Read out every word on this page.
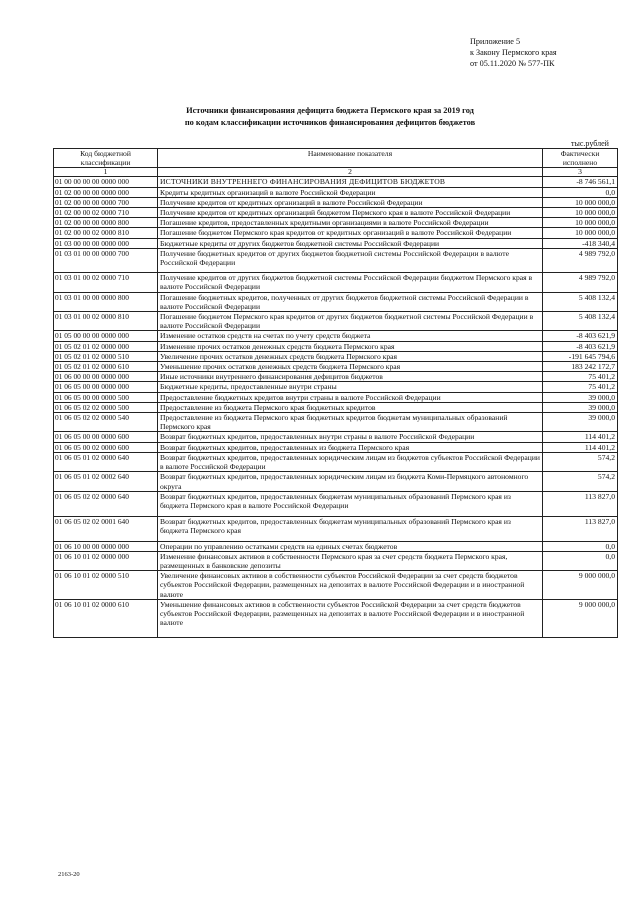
Приложение 5
к Закону Пермского края
от 05.11.2020 № 577-ПК
Источники финансирования дефицита бюджета Пермского края за 2019 год
по кодам классификации источников финансирования дефицитов бюджетов
тыс.рублей
Код бюджетной классификации	Наименование показателя	Фактически исполнено
1	2	3
01 00 00 00 00 0000 000	ИСТОЧНИКИ ВНУТРЕННЕГО ФИНАНСИРОВАНИЯ ДЕФИЦИТОВ БЮДЖЕТОВ	-8 746 561,1
01 02 00 00 00 0000 000	Кредиты кредитных организаций в валюте Российской Федерации	0,0
01 02 00 00 00 0000 700	Получение кредитов от кредитных организаций в валюте Российской Федерации	10 000 000,0
01 02 00 00 02 0000 710	Получение кредитов от кредитных организаций бюджетом Пермского края в валюте Российской Федерации	10 000 000,0
01 02 00 00 00 0000 800	Погашение кредитов, предоставленных кредитными организациями в валюте Российской Федерации	10 000 000,0
01 02 00 00 02 0000 810	Погашение бюджетом Пермского края кредитов от кредитных организаций в валюте Российской Федерации	10 000 000,0
01 03 00 00 00 0000 000	Бюджетные кредиты от других бюджетов бюджетной системы Российской Федерации	-418 340,4
01 03 01 00 00 0000 700	Получение бюджетных кредитов от других бюджетов бюджетной системы Российской Федерации в валюте Российской Федерации	4 989 792,0
01 03 01 00 02 0000 710	Получение кредитов от других бюджетов бюджетной системы Российской Федерации бюджетом Пермского края в валюте Российской Федерации	4 989 792,0
01 03 01 00 00 0000 800	Погашение бюджетных кредитов, полученных от других бюджетов бюджетной системы Российской Федерации в валюте Российской Федерации	5 408 132,4
01 03 01 00 02 0000 810	Погашение бюджетом Пермского края кредитов от других бюджетов бюджетной системы Российской Федерации в валюте Российской Федерации	5 408 132,4
01 05 00 00 00 0000 000	Изменение остатков средств на счетах по учету средств бюджета	-8 403 621,9
01 05 02 01 02 0000 000	Изменение прочих остатков денежных средств бюджета Пермского края	-8 403 621,9
01 05 02 01 02 0000 510	Увеличение прочих остатков денежных средств бюджета Пермского края	-191 645 794,6
01 05 02 01 02 0000 610	Уменьшение прочих остатков денежных средств бюджета Пермского края	183 242 172,7
01 06 00 00 00 0000 000	Иные источники внутреннего финансирования дефицитов бюджетов	75 401,2
01 06 05 00 00 0000 000	Бюджетные кредиты, предоставленные внутри страны	75 401,2
01 06 05 00 00 0000 500	Предоставление бюджетных кредитов внутри страны в валюте Российской Федерации	39 000,0
01 06 05 02 02 0000 500	Предоставление из бюджета Пермского края бюджетных кредитов	39 000,0
01 06 05 02 02 0000 540	Предоставление из бюджета Пермского края бюджетных кредитов бюджетам муниципальных образований Пермского края	39 000,0
01 06 05 00 00 0000 600	Возврат бюджетных кредитов, предоставленных внутри страны в валюте Российской Федерации	114 401,2
01 06 05 00 02 0000 600	Возврат бюджетных кредитов, предоставленных из бюджета Пермского края	114 401,2
01 06 05 01 02 0000 640	Возврат бюджетных кредитов, предоставленных юридическим лицам из бюджетов субъектов Российской Федерации в валюте Российской Федерации	574,2
01 06 05 01 02 0002 640	Возврат бюджетных кредитов, предоставленных юридическим лицам из бюджета Коми-Пермяцкого автономного округа	574,2
01 06 05 02 02 0000 640	Возврат бюджетных кредитов, предоставленных бюджетам муниципальных образований Пермского края из бюджета Пермского края в валюте Российской Федерации	113 827,0
01 06 05 02 02 0001 640	Возврат бюджетных кредитов, предоставленных бюджетам муниципальных образований Пермского края из бюджета Пермского края	113 827,0
01 06 10 00 00 0000 000	Операции по управлению остатками средств на единых счетах бюджетов	0,0
01 06 10 01 02 0000 000	Изменение финансовых активов в собственности Пермского края за счет средств бюджета Пермского края, размещенных в банковские депозиты	0,0
01 06 10 01 02 0000 510	Увеличение финансовых активов в собственности субъектов Российской Федерации за счет средств бюджетов субъектов Российской Федерации, размещенных на депозитах в валюте Российской Федерации и в иностранной валюте	9 000 000,0
01 06 10 01 02 0000 610	Уменьшение финансовых активов в собственности субъектов Российской Федерации за счет средств бюджетов субъектов Российской Федерации, размещенных на депозитах в валюте Российской Федерации и в иностранной валюте	9 000 000,0
2163-20
